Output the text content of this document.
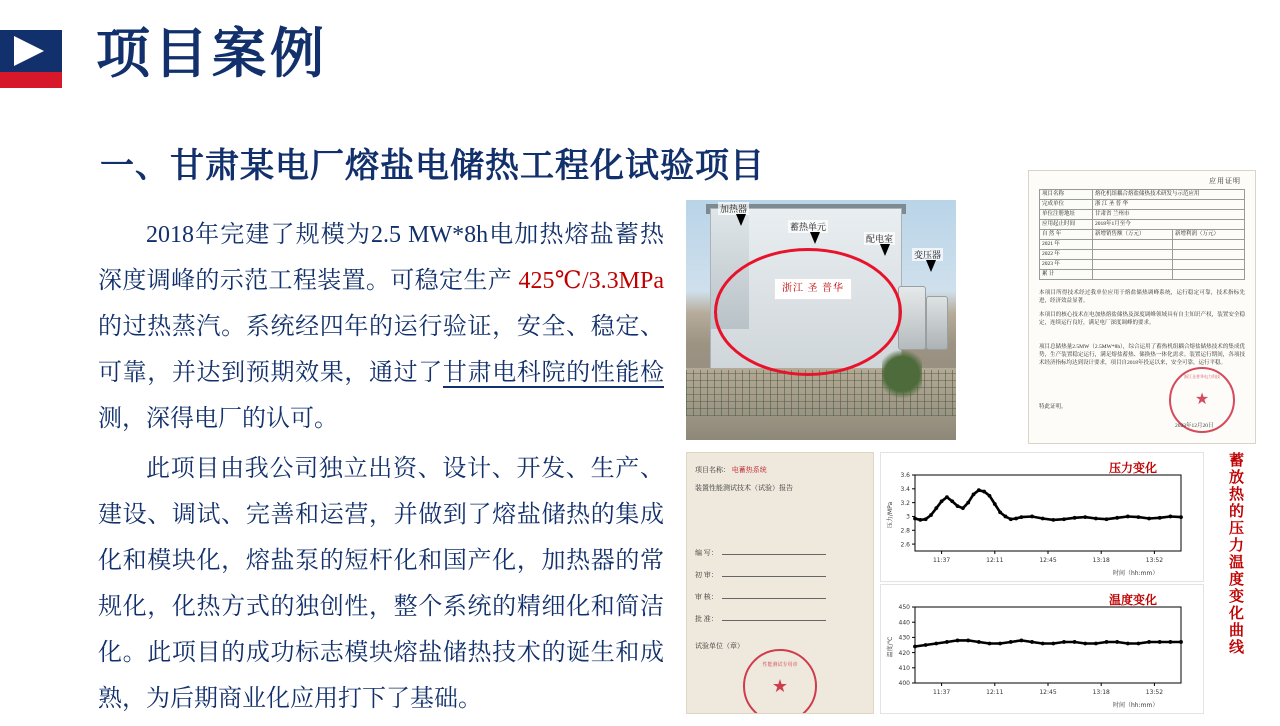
项目案例
一、甘肃某电厂熔盐电储热工程化试验项目

2018年完建了规模为2.5 MW*8h电加热熔盐蓄热深度调峰的示范工程装置。可稳定生产 425℃/3.3MPa 的过热蒸汽。系统经四年的运行验证，安全、稳定、可靠，并达到预期效果，通过了甘肃电科院的性能检测，深得电厂的认可。

此项目由我公司独立出资、设计、开发、生产、建设、调试、完善和运营，并做到了熔盐储热的集成化和模块化，熔盐泵的短杆化和国产化，加热器的常规化，化热方式的独创性，整个系统的精细化和简洁化。此项目的成功标志模块熔盐储热技术的诞生和成熟，为后期商业化应用打下了基础。

浙江 圣 普华
加热器
蓄热单元
配电室
变压器
应用证明
项目名称	熔化机组耦合熔盐储热技术研发与示范应用	
完成单位	浙 江 圣 普 华	
单位注册地址	甘肃省 兰州市	
应用起止时间	2018年1月至今	
自 然 年	新增销售额（万元）	新增利润（万元）
2021 年		
2022 年		
2023 年		
累 计		
本项目所得技术经过我单位应用于熔盐储热调峰系统，运行稳定可靠，技术指标先进，经济效益显著。
本项目的核心技术在电加热熔盐储热及深度调峰领域具有自主知识产权，装置安全稳定，连续运行良好，满足电厂深度调峰的要求。
项目总储热量2.5MW（2.5MW*8h），综合运用了蓄热机组耦合熔盐储热技术的集成优势，生产装置稳定运行，满足熔盐蓄热、储换热一体化需求。装置运行期间，各项技术经济指标均达到设计要求，项目自2018年投运以来，安全可靠，运行平稳。
特此证明。
浙江圣普华电力科技
★
2023年12月20日
项目名称： 电蓄热系统
装置性能测试技术（试验）报告
编 写：
初 审：
审 核：
批 准：
试验单位（章）
性能测试专用章
★
压力变化
2.6
2.8
3
3.2
3.4
3.6
11:37	12:11	12:45	13:18	13:52
时间（hh:mm）
压力/MPa
温度变化
400
410
420
430
440
450
11:37	12:11	12:45	13:18	13:52
时间（hh:mm）
温度/℃	蓄放热的压力温度变化曲线
